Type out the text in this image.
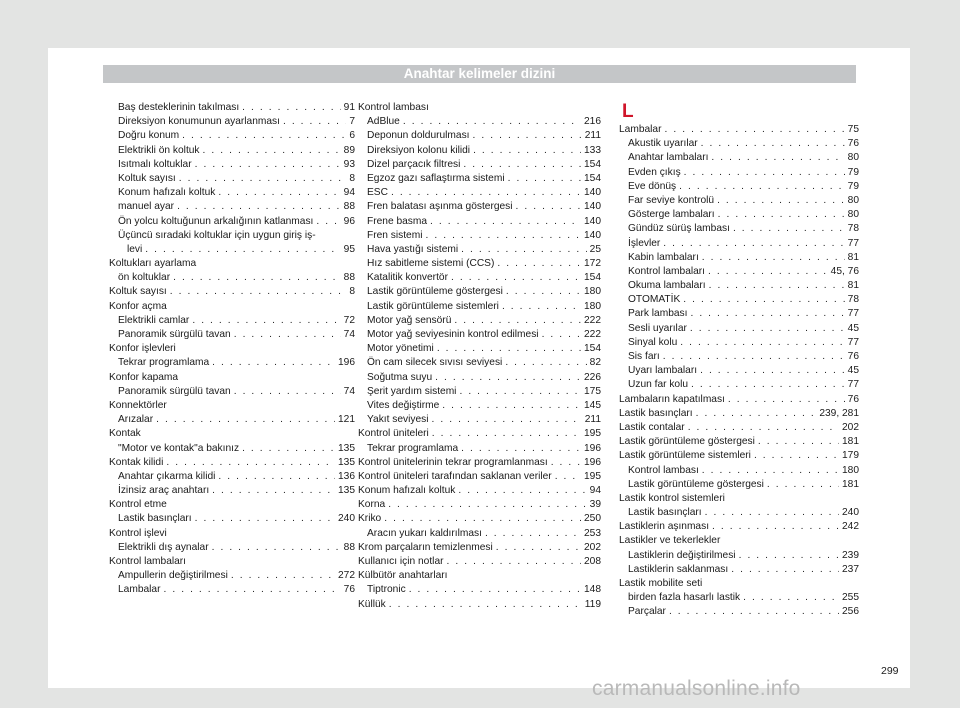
Anahtar kelimeler dizini
Baş desteklerinin takılması . . .	91
Direksiyon konumunun ayarlanması . . .	7
Doğru konum . . .	6
Elektrikli ön koltuk . . .	89
Isıtmalı koltuklar . . .	93
Koltuk sayısı . . .	8
Konum hafızalı koltuk . . .	94
manuel ayar . . .	88
Ön yolcu koltuğunun arkalığının katlanması . . .	96
Üçüncü sıradaki koltuklar için uygun giriş iş-
levi . . .	95
Koltukları ayarlama
ön koltuklar . . .	88
Koltuk sayısı . . .	8
Konfor açma
Elektrikli camlar . . .	72
Panoramik sürgülü tavan . . .	74
Konfor işlevleri
Tekrar programlama . . .	196
Konfor kapama
Panoramik sürgülü tavan . . .	74
Konnektörler
Arızalar . . .	121
Kontak
"Motor ve kontak"a bakınız . . .	135
Kontak kilidi . . .	135
Anahtar çıkarma kilidi . . .	136
İzinsiz araç anahtarı . . .	135
Kontrol etme
Lastik basınçları . . .	240
Kontrol işlevi
Elektrikli dış aynalar . . .	88
Kontrol lambaları
Ampullerin değiştirilmesi . . .	272
Lambalar . . .	76
Kontrol lambası
AdBlue . . .	216
Deponun doldurulması . . .	211
Direksiyon kolonu kilidi . . .	133
Dizel parçacık filtresi . . .	154
Egzoz gazı saflaştırma sistemi . . .	154
ESC . . .	140
Fren balatası aşınma göstergesi . . .	140
Frene basma . . .	140
Fren sistemi . . .	140
Hava yastığı sistemi . . .	25
Hız sabitleme sistemi (CCS) . . .	172
Katalitik konvertör . . .	154
Lastik görüntüleme göstergesi . . .	180
Lastik görüntüleme sistemleri . . .	180
Motor yağ sensörü . . .	222
Motor yağ seviyesinin kontrol edilmesi . . .	222
Motor yönetimi . . .	154
Ön cam silecek sıvısı seviyesi . . .	82
Soğutma suyu . . .	226
Şerit yardım sistemi . . .	175
Vites değiştirme . . .	145
Yakıt seviyesi . . .	211
Kontrol üniteleri . . .	195
Tekrar programlama . . .	196
Kontrol ünitelerinin tekrar programlanması . . .	196
Kontrol üniteleri tarafından saklanan veriler . . .	195
Konum hafızalı koltuk . . .	94
Korna . . .	39
Kriko . . .	250
Aracın yukarı kaldırılması . . .	253
Krom parçaların temizlenmesi . . .	202
Kullanıcı için notlar . . .	208
Külbütör anahtarları
Tiptronic . . .	148
Küllük . . .	119
L
Lambalar . . .	75
Akustik uyarılar . . .	76
Anahtar lambaları . . .	80
Evden çıkış . . .	79
Eve dönüş . . .	79
Far seviye kontrolü . . .	80
Gösterge lambaları . . .	80
Gündüz sürüş lambası . . .	78
İşlevler . . .	77
Kabin lambaları . . .	81
Kontrol lambaları . . .	45, 76
Okuma lambaları . . .	81
OTOMATİK . . .	78
Park lambası . . .	77
Sesli uyarılar . . .	45
Sinyal kolu . . .	77
Sis farı . . .	76
Uyarı lambaları . . .	45
Uzun far kolu . . .	77
Lambaların kapatılması . . .	76
Lastik basınçları . . .	239, 281
Lastik contalar . . .	202
Lastik görüntüleme göstergesi . . .	181
Lastik görüntüleme sistemleri . . .	179
Kontrol lambası . . .	180
Lastik görüntüleme göstergesi . . .	181
Lastik kontrol sistemleri
Lastik basınçları . . .	240
Lastiklerin aşınması . . .	242
Lastikler ve tekerlekler
Lastiklerin değiştirilmesi . . .	239
Lastiklerin saklanması . . .	237
Lastik mobilite seti
birden fazla hasarlı lastik . . .	255
Parçalar . . .	256
299
carmanualsonline.info
